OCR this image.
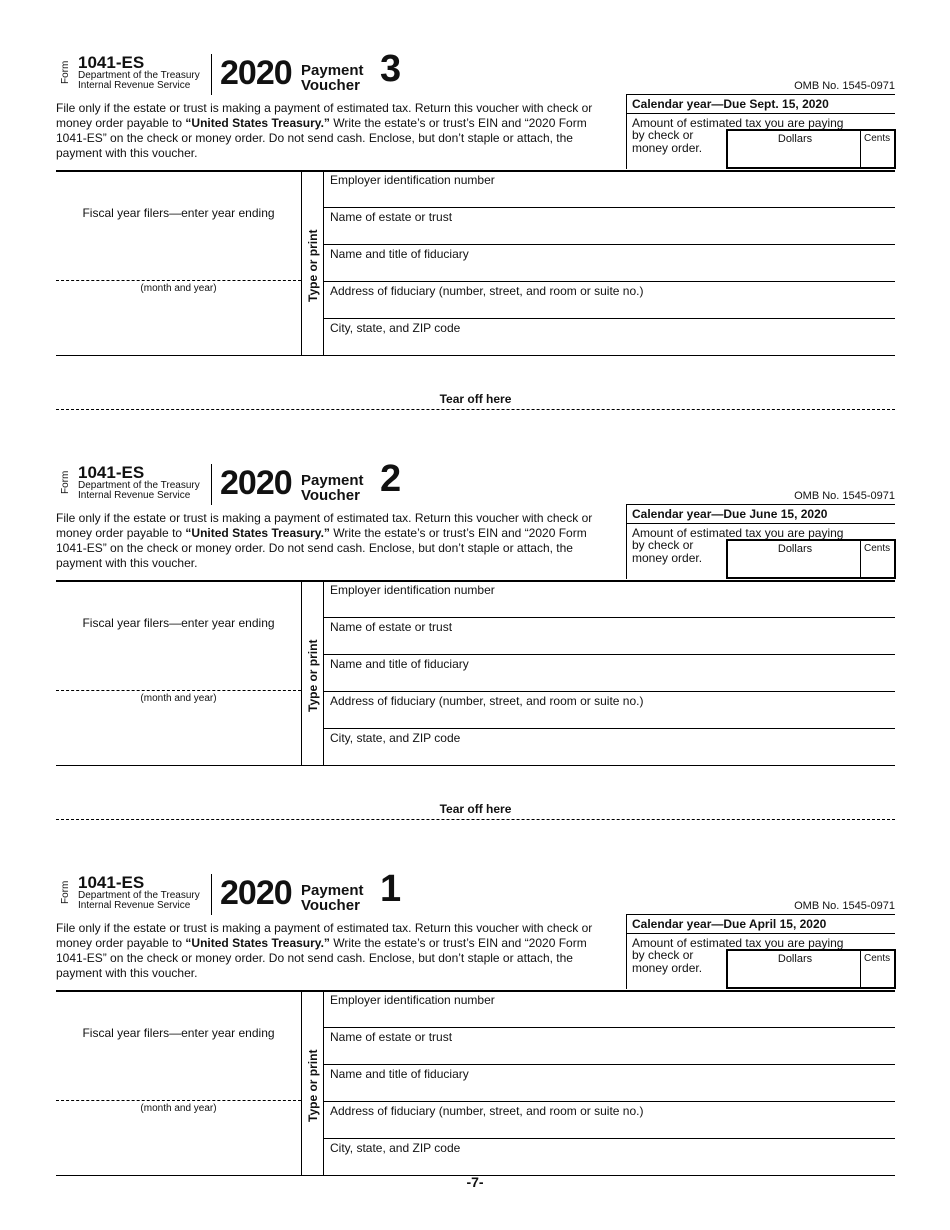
Form 1041-ES
Department of the Treasury
Internal Revenue Service 2020 Payment
Voucher 3	OMB No. 1545-0971
File only if the estate or trust is making a payment of estimated tax. Return this voucher with check or money order payable to “United States Treasury.” Write the estate’s or trust’s EIN and “2020 Form 1041-ES” on the check or money order. Do not send cash. Enclose, but don’t staple or attach, the payment with this voucher.
Calendar year—Due Sept. 15, 2020
Amount of estimated tax you are paying
by check or money order.
Dollars	Cents
Fiscal year filers—enter year ending
(month and year)	Type or print
Employer identification number
Name of estate or trust
Name and title of fiduciary
Address of fiduciary (number, street, and room or suite no.)
City, state, and ZIP code
Tear off here
Form 1041-ES
Department of the Treasury
Internal Revenue Service 2020 Payment
Voucher 2	OMB No. 1545-0971
File only if the estate or trust is making a payment of estimated tax. Return this voucher with check or money order payable to “United States Treasury.” Write the estate’s or trust’s EIN and “2020 Form 1041-ES” on the check or money order. Do not send cash. Enclose, but don’t staple or attach, the payment with this voucher.
Calendar year—Due June 15, 2020
Amount of estimated tax you are paying
by check or money order.
Dollars	Cents
Fiscal year filers—enter year ending
(month and year)	Type or print
Employer identification number
Name of estate or trust
Name and title of fiduciary
Address of fiduciary (number, street, and room or suite no.)
City, state, and ZIP code
Tear off here
Form 1041-ES
Department of the Treasury
Internal Revenue Service 2020 Payment
Voucher 1	OMB No. 1545-0971
File only if the estate or trust is making a payment of estimated tax. Return this voucher with check or money order payable to “United States Treasury.” Write the estate’s or trust’s EIN and “2020 Form 1041-ES” on the check or money order. Do not send cash. Enclose, but don’t staple or attach, the payment with this voucher.
Calendar year—Due April 15, 2020
Amount of estimated tax you are paying
by check or money order.
Dollars	Cents
Fiscal year filers—enter year ending
(month and year)	Type or print
Employer identification number
Name of estate or trust
Name and title of fiduciary
Address of fiduciary (number, street, and room or suite no.)
City, state, and ZIP code
-7-
